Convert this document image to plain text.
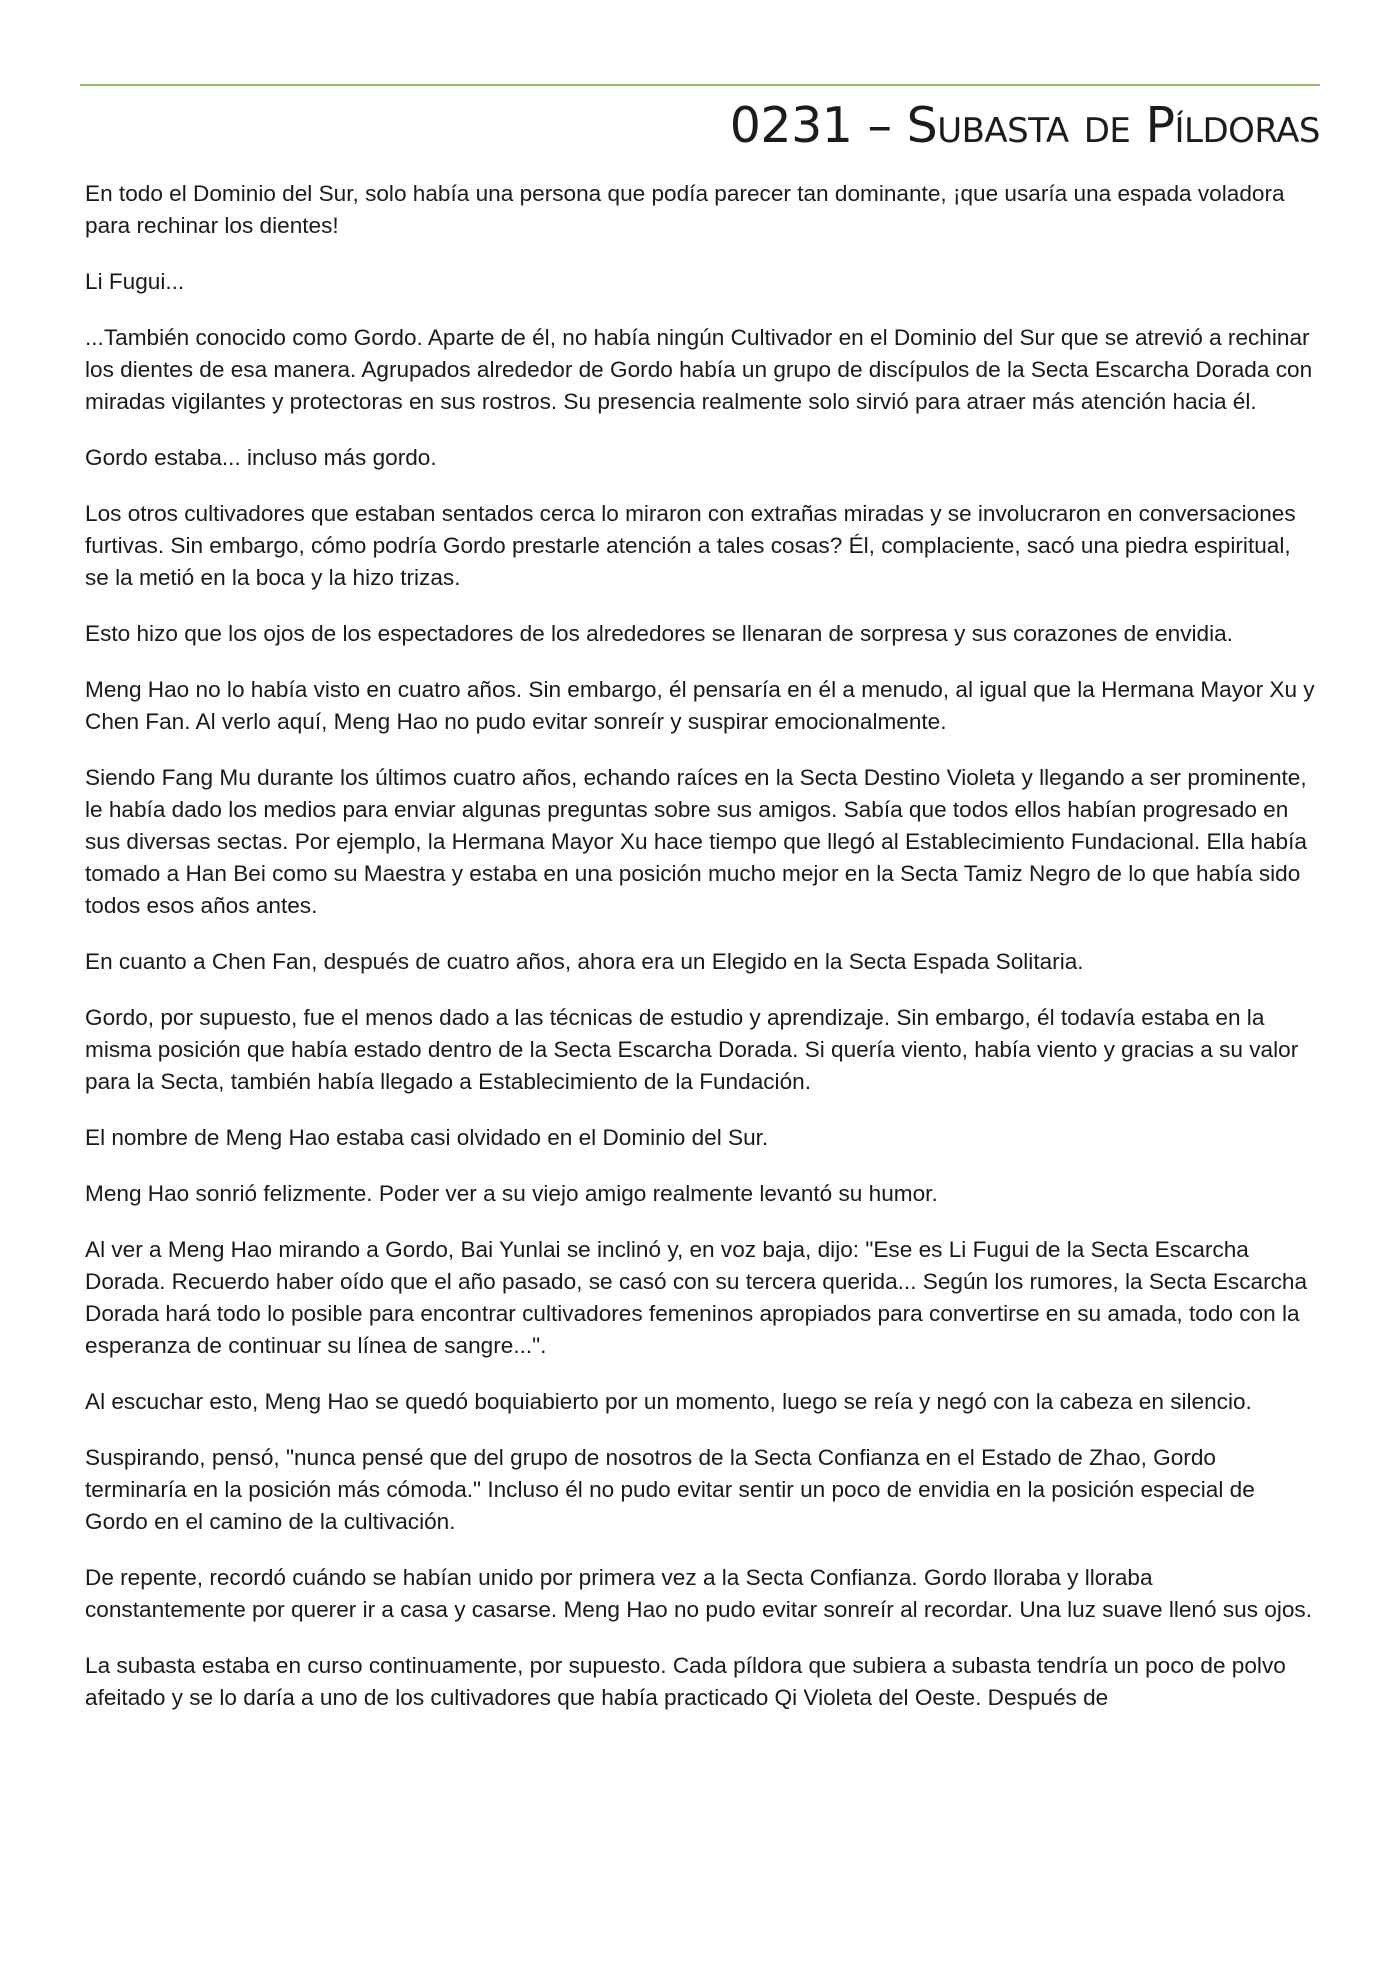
0231 – Subasta de Píldoras

En todo el Dominio del Sur, solo había una persona que podía parecer tan dominante, ¡que usaría una espada voladora para rechinar los dientes!

Li Fugui...

...También conocido como Gordo. Aparte de él, no había ningún Cultivador en el Dominio del Sur que se atrevió a rechinar los dientes de esa manera. Agrupados alrededor de Gordo había un grupo de discípulos de la Secta Escarcha Dorada con miradas vigilantes y protectoras en sus rostros. Su presencia realmente solo sirvió para atraer más atención hacia él.

Gordo estaba... incluso más gordo.

Los otros cultivadores que estaban sentados cerca lo miraron con extrañas miradas y se involucraron en conversaciones furtivas. Sin embargo, cómo podría Gordo prestarle atención a tales cosas? Él, complaciente, sacó una piedra espiritual, se la metió en la boca y la hizo trizas.

Esto hizo que los ojos de los espectadores de los alrededores se llenaran de sorpresa y sus corazones de envidia.

Meng Hao no lo había visto en cuatro años. Sin embargo, él pensaría en él a menudo, al igual que la Hermana Mayor Xu y Chen Fan. Al verlo aquí, Meng Hao no pudo evitar sonreír y suspirar emocionalmente.

Siendo Fang Mu durante los últimos cuatro años, echando raíces en la Secta Destino Violeta y llegando a ser prominente, le había dado los medios para enviar algunas preguntas sobre sus amigos. Sabía que todos ellos habían progresado en sus diversas sectas. Por ejemplo, la Hermana Mayor Xu hace tiempo que llegó al Establecimiento Fundacional. Ella había tomado a Han Bei como su Maestra y estaba en una posición mucho mejor en la Secta Tamiz Negro de lo que había sido todos esos años antes.

En cuanto a Chen Fan, después de cuatro años, ahora era un Elegido en la Secta Espada Solitaria.

Gordo, por supuesto, fue el menos dado a las técnicas de estudio y aprendizaje. Sin embargo, él todavía estaba en la misma posición que había estado dentro de la Secta Escarcha Dorada. Si quería viento, había viento y gracias a su valor para la Secta, también había llegado a Establecimiento de la Fundación.

El nombre de Meng Hao estaba casi olvidado en el Dominio del Sur.

Meng Hao sonrió felizmente. Poder ver a su viejo amigo realmente levantó su humor.

Al ver a Meng Hao mirando a Gordo, Bai Yunlai se inclinó y, en voz baja, dijo: "Ese es Li Fugui de la Secta Escarcha Dorada. Recuerdo haber oído que el año pasado, se casó con su tercera querida... Según los rumores, la Secta Escarcha Dorada hará todo lo posible para encontrar cultivadores femeninos apropiados para convertirse en su amada, todo con la esperanza de continuar su línea de sangre...".

Al escuchar esto, Meng Hao se quedó boquiabierto por un momento, luego se reía y negó con la cabeza en silencio.

Suspirando, pensó, "nunca pensé que del grupo de nosotros de la Secta Confianza en el Estado de Zhao, Gordo terminaría en la posición más cómoda." Incluso él no pudo evitar sentir un poco de envidia en la posición especial de Gordo en el camino de la cultivación.

De repente, recordó cuándo se habían unido por primera vez a la Secta Confianza. Gordo lloraba y lloraba constantemente por querer ir a casa y casarse. Meng Hao no pudo evitar sonreír al recordar. Una luz suave llenó sus ojos.

La subasta estaba en curso continuamente, por supuesto. Cada píldora que subiera a subasta tendría un poco de polvo afeitado y se lo daría a uno de los cultivadores que había practicado Qi Violeta del Oeste. Después de
